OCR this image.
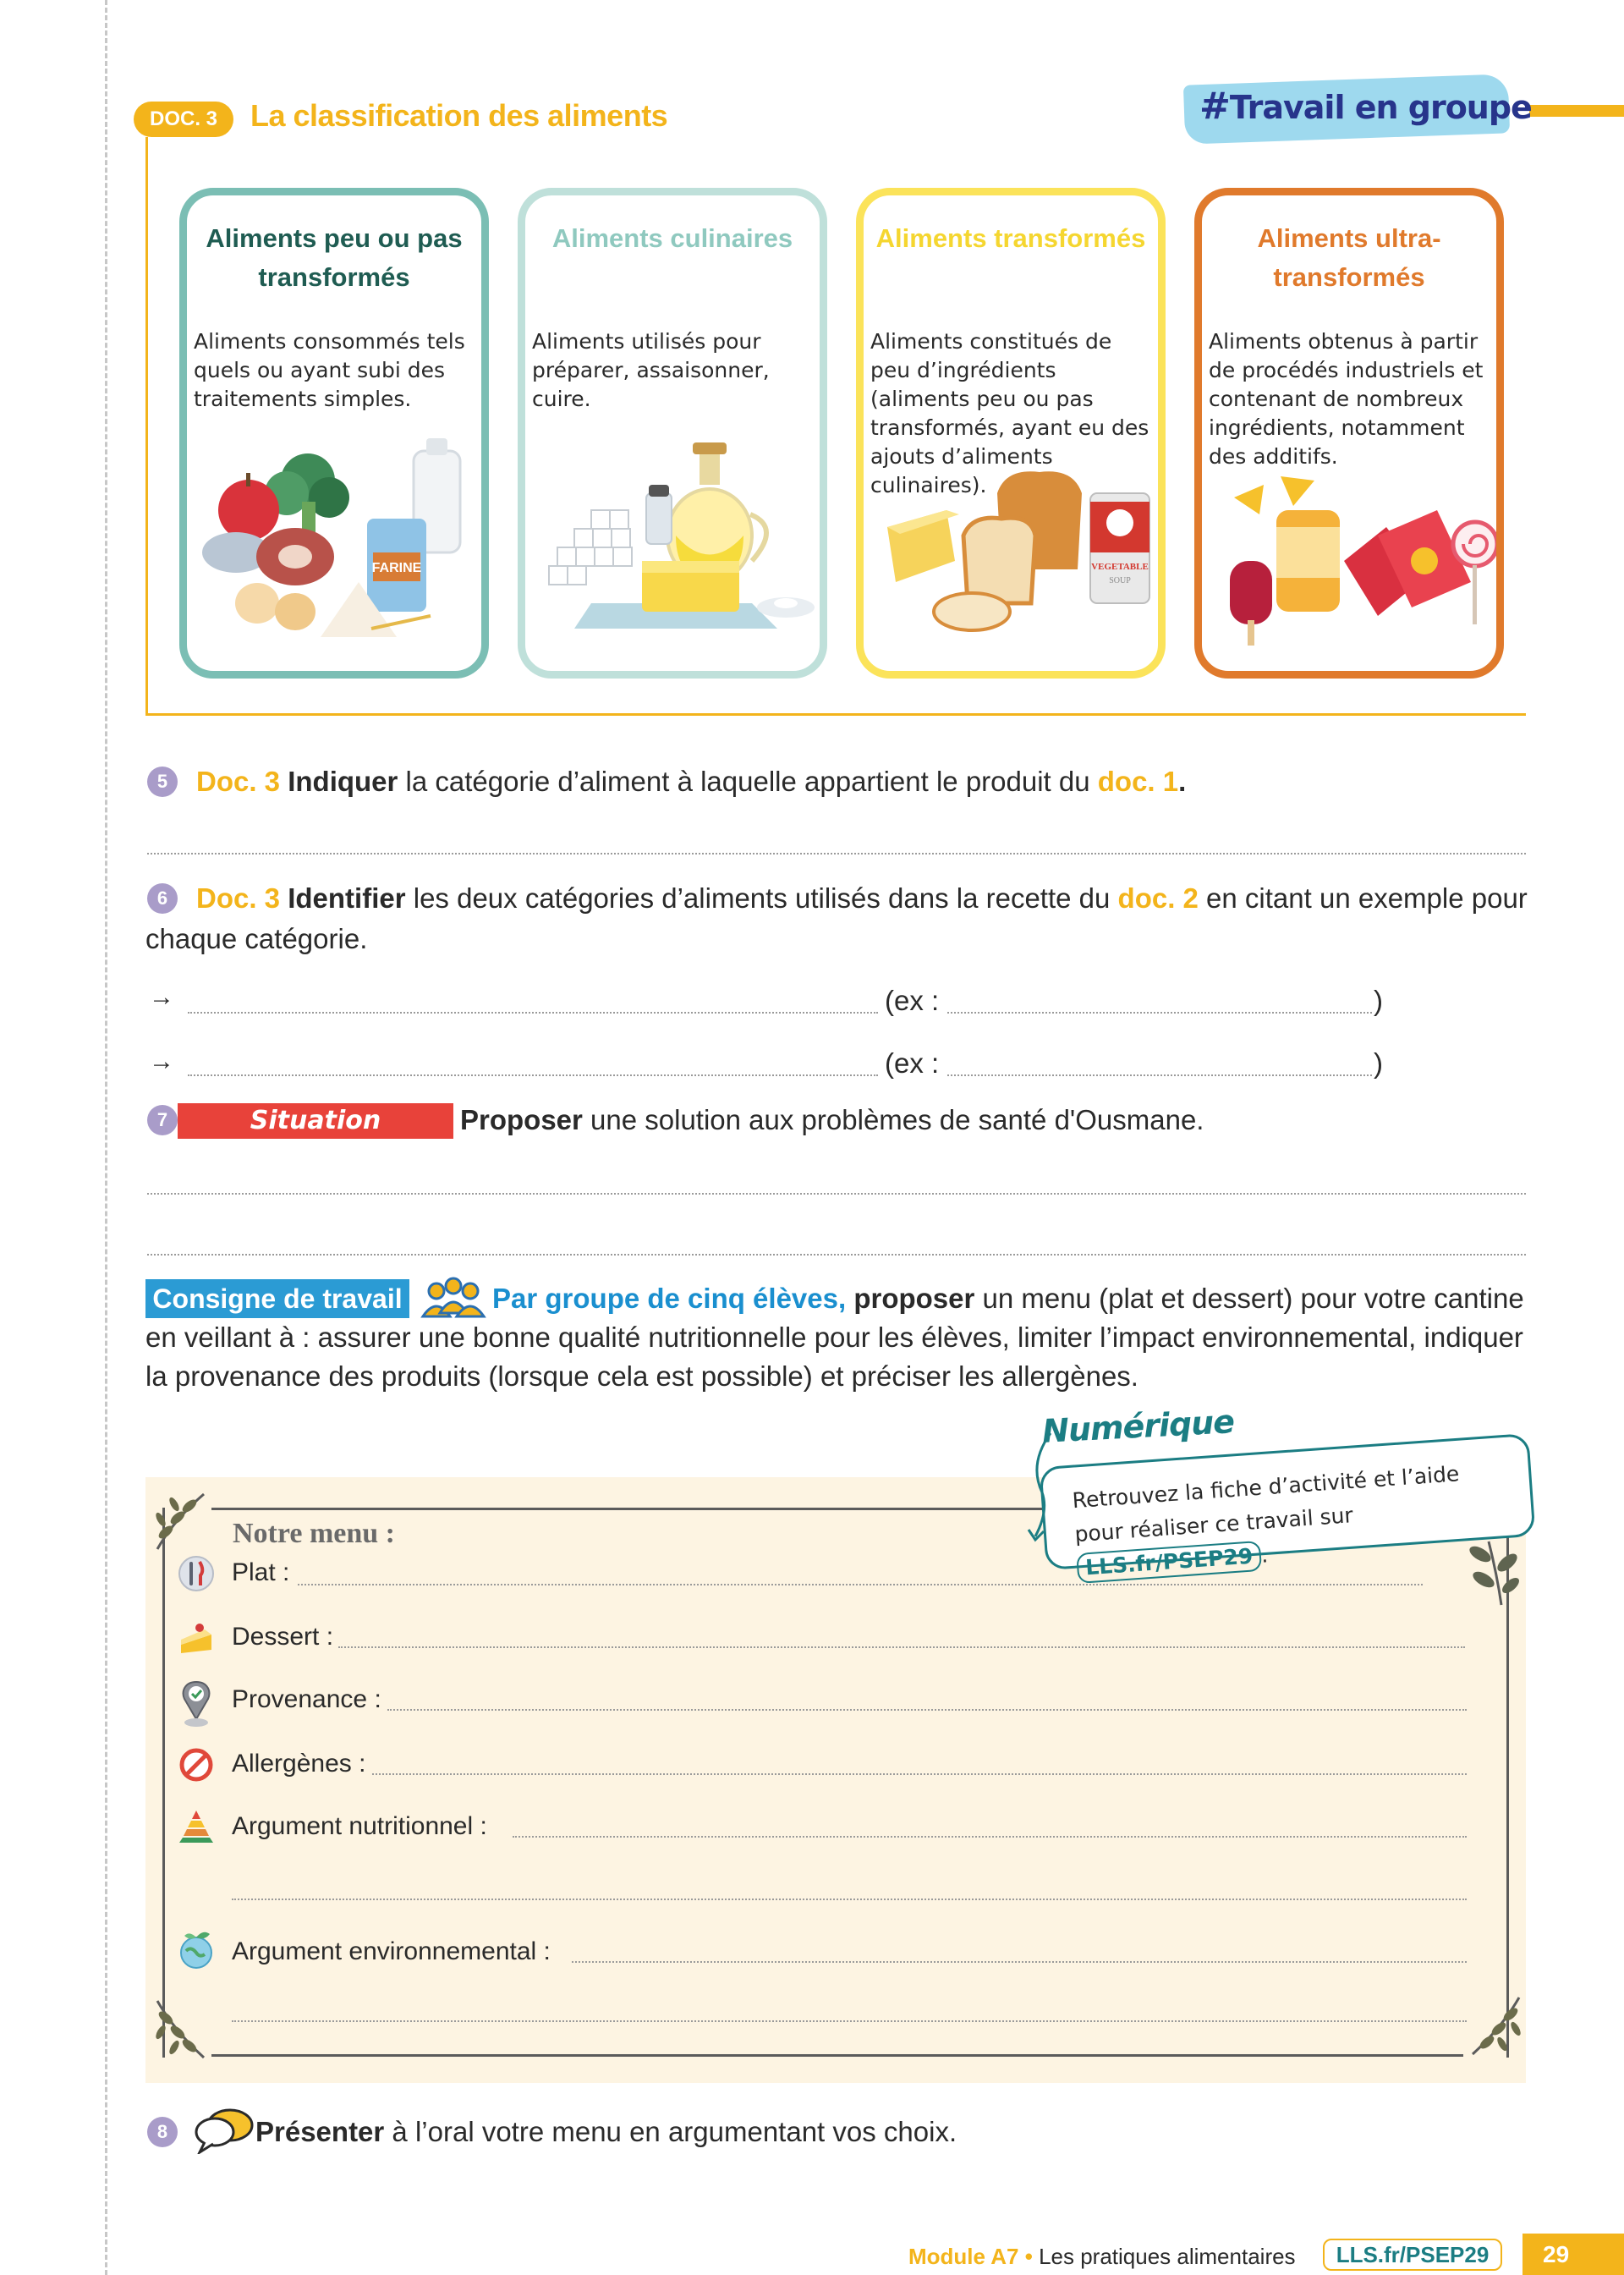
DOC. 3	La classification des aliments	#Travail en groupe
Aliments peu ou pas transformés
Aliments consommés tels quels ou ayant subi des traitements simples.
FARINE
Aliments culinaires
Aliments utilisés pour préparer, assaisonner, cuire.
Aliments transformés
Aliments constitués de peu d’ingrédients (aliments peu ou pas transformés, ayant eu des ajouts d’aliments culinaires).
VEGETABLE
SOUP
Aliments ultra-transformés
Aliments obtenus à partir de procédés industriels et contenant de nombreux ingrédients, notamment des additifs.
5	Doc. 3 Indiquer la catégorie d’aliment à laquelle appartient le produit du doc. 1.
6	Doc. 3 Identifier les deux catégories d’aliments utilisés dans la recette du doc. 2 en citant un exemple pour chaque catégorie.
→	(ex :	)
→	(ex :	)
7	Situation introductive
Proposer une solution aux problèmes de santé d'Ousmane.
Consigne de travail	Par groupe de cinq élèves, proposer un menu (plat et dessert) pour votre cantine en veillant à : assurer une bonne qualité nutritionnelle pour les élèves, limiter l’impact environnemental, indiquer la provenance des produits (lorsque cela est possible) et préciser les allergènes.
Notre menu :
Plat :
Dessert :
Provenance :
Allergènes :
Argument nutritionnel :
Argument environnemental :
Numérique
Retrouvez la fiche d’activité et l’aide pour réaliser ce travail sur LLS.fr/PSEP29 .
8	Présenter à l’oral votre menu en argumentant vos choix.
Module A7 • Les pratiques alimentaires	LLS.fr/PSEP29	29
